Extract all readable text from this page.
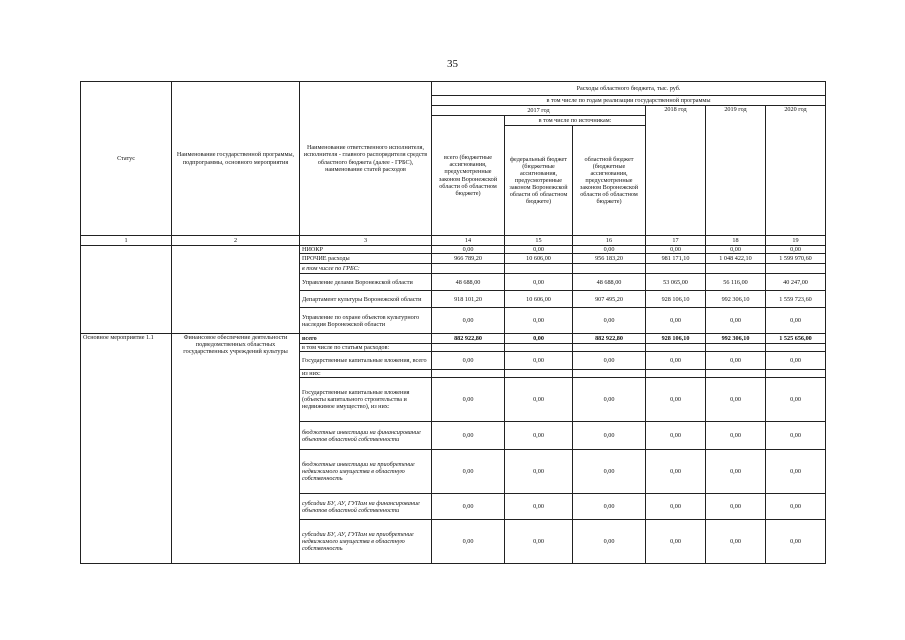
35
Статус	Наименование государственной программы, подпрограммы, основного мероприятия	Наименование ответственного исполнителя, исполнителя - главного распорядителя средств областного бюджета (далее - ГРБС), наименование статей расходов	Расходы областного бюджета, тыс. руб.					
			в том числе по годам реализации государственной программы					
			2017 год			2018 год	2019 год	2020 год
			всего (бюджетные ассигнования, предусмотренные законом Воронежской области об областном бюджете)	в том числе по источникам:				
				федеральный бюджет (бюджетные ассигнования, предусмотренные законом Воронежской области об областном бюджете)	областной бюджет (бюджетные ассигнования, предусмотренные законом Воронежской области об областном бюджете)			
1	2	3	14	15	16	17	18	19
		НИОКР	0,00	0,00	0,00	0,00	0,00	0,00
		ПРОЧИЕ расходы	966 789,20	10 606,00	956 183,20	981 171,10	1 048 422,10	1 599 970,60
		в том числе по ГРБС:						
		Управление делами Воронежской области	48 688,00	0,00	48 688,00	53 065,00	56 116,00	40 247,00
		Департамент культуры Воронежской области	918 101,20	10 606,00	907 495,20	928 106,10	992 306,10	1 559 723,60
		Управление по охране объектов культурного наследия Воронежской области	0,00	0,00	0,00	0,00	0,00	0,00
Основное мероприятие 1.1	Финансовое обеспечение деятельности подведомственных областных государственных учреждений культуры	всего	882 922,80	0,00	882 922,80	928 106,10	992 306,10	1 525 656,00
		в том числе по статьям расходов:						
		Государственные капитальные вложения, всего	0,00	0,00	0,00	0,00	0,00	0,00
		из них:						
		Государственные капитальные вложения (объекты капитального строительства и недвижимое имущество), из них:	0,00	0,00	0,00	0,00	0,00	0,00
		бюджетные инвестиции на финансирование объектов областной собственности	0,00	0,00	0,00	0,00	0,00	0,00
		бюджетные инвестиции на приобретение недвижимого имущества в областную собственность	0,00	0,00	0,00	0,00	0,00	0,00
		субсидии БУ, АУ, ГУПам на финансирование объектов областной собственности	0,00	0,00	0,00	0,00	0,00	0,00
		субсидии БУ, АУ, ГУПам на приобретение недвижимого имущества в областную собственность	0,00	0,00	0,00	0,00	0,00	0,00
